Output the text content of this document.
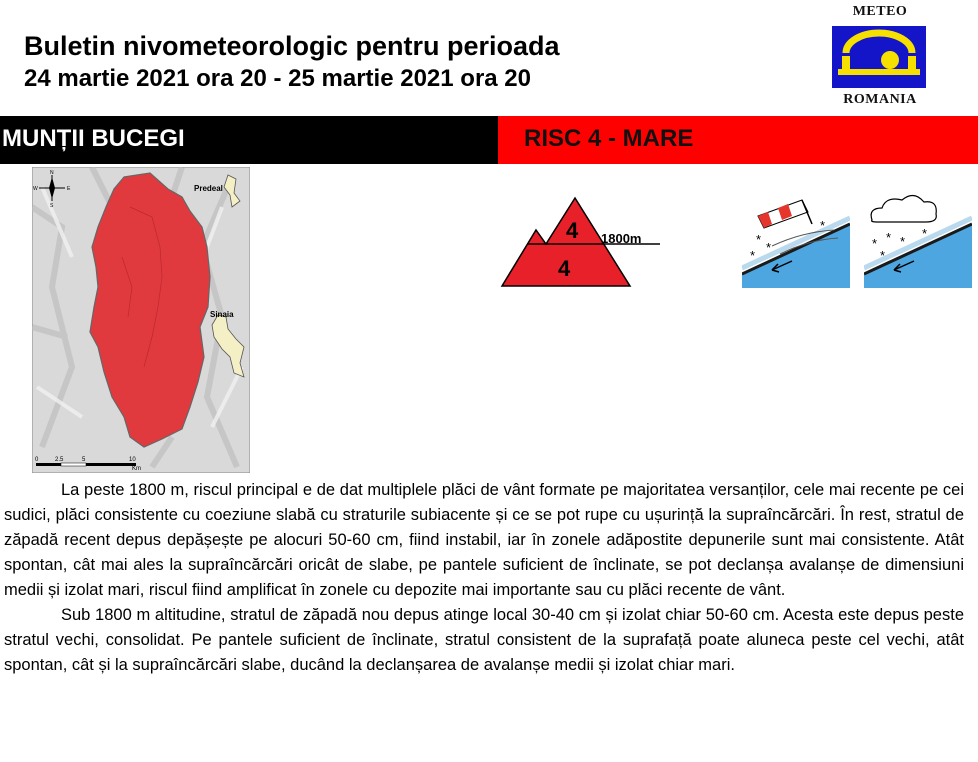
Buletin nivometeorologic pentru perioada
24 martie 2021 ora 20 - 25 martie 2021 ora 20
METEO
ROMANIA
MUNȚII BUCEGI	RISC 4 - MARE
N
S
E
W	Predeal
Sinaia
0	2.5	5	10
Km
4
4
1800m	*
*
*
*
* * *
*
*

La peste 1800 m, riscul principal e de dat multiplele plăci de vânt formate pe majoritatea versanților, cele mai recente pe cei sudici, plăci consistente cu coeziune slabă cu straturile subiacente și ce se pot rupe cu ușurință la supraîncărcări. În rest, stratul de zăpadă recent depus depășește pe alocuri 50-60 cm, fiind instabil, iar în zonele adăpostite depunerile sunt mai consistente. Atât spontan, cât mai ales la supraîncărcări oricât de slabe, pe pantele suficient de înclinate, se pot declanșa avalanșe de dimensiuni medii și izolat mari, riscul fiind amplificat în zonele cu depozite mai importante sau cu plăci recente de vânt.

Sub 1800 m altitudine, stratul de zăpadă nou depus atinge local 30-40 cm și izolat chiar 50-60 cm. Acesta este depus peste stratul vechi, consolidat. Pe pantele suficient de înclinate, stratul consistent de la suprafață poate aluneca peste cel vechi, atât spontan, cât și la supraîncărcări slabe, ducând la declanșarea de avalanșe medii și izolat chiar mari.
